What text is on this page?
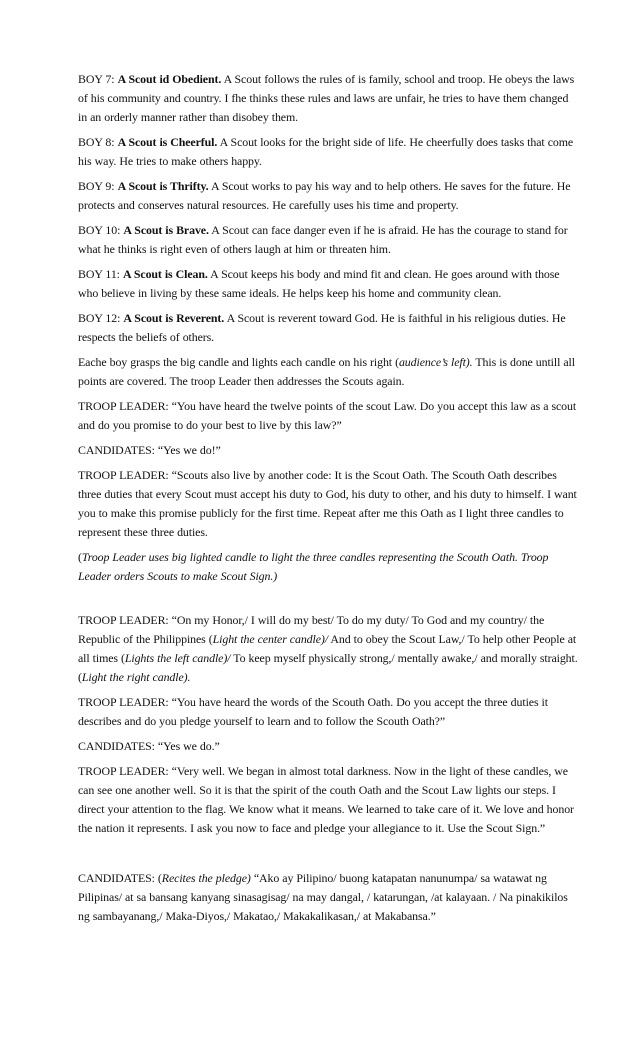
BOY 7: A Scout id Obedient. A Scout follows the rules of is family, school and troop. He obeys the laws of his community and country. I fhe thinks these rules and laws are unfair, he tries to have them changed in an orderly manner rather than disobey them.

BOY 8: A Scout is Cheerful. A Scout looks for the bright side of life. He cheerfully does tasks that come his way. He tries to make others happy.

BOY 9: A Scout is Thrifty. A Scout works to pay his way and to help others. He saves for the future. He protects and conserves natural resources. He carefully uses his time and property.

BOY 10: A Scout is Brave. A Scout can face danger even if he is afraid. He has the courage to stand for what he thinks is right even of others laugh at him or threaten him.

BOY 11: A Scout is Clean. A Scout keeps his body and mind fit and clean. He goes around with those who believe in living by these same ideals. He helps keep his home and community clean.

BOY 12: A Scout is Reverent. A Scout is reverent toward God. He is faithful in his religious duties. He respects the beliefs of others.

Eache boy grasps the big candle and lights each candle on his right (audience’s left). This is done untill all points are covered. The troop Leader then addresses the Scouts again.

TROOP LEADER: “You have heard the twelve points of the scout Law. Do you accept this law as a scout and do you promise to do your best to live by this law?”

CANDIDATES: “Yes we do!”

TROOP LEADER: “Scouts also live by another code: It is the Scout Oath. The Scouth Oath describes three duties that every Scout must accept his duty to God, his duty to other, and his duty to himself. I want you to make this promise publicly for the first time. Repeat after me this Oath as I light three candles to represent these three duties.

(Troop Leader uses big lighted candle to light the three candles representing the Scouth Oath. Troop Leader orders Scouts to make Scout Sign.)

TROOP LEADER: “On my Honor,/ I will do my best/ To do my duty/ To God and my country/ the Republic of the Philippines (Light the center candle)/ And to obey the Scout Law,/ To help other People at all times (Lights the left candle)/ To keep myself physically strong,/ mentally awake,/ and morally straight. (Light the right candle).

TROOP LEADER: “You have heard the words of the Scouth Oath. Do you accept the three duties it describes and do you pledge yourself to learn and to follow the Scouth Oath?”

CANDIDATES: “Yes we do.”

TROOP LEADER: “Very well. We began in almost total darkness. Now in the light of these candles, we can see one another well. So it is that the spirit of the couth Oath and the Scout Law lights our steps. I direct your attention to the flag. We know what it means. We learned to take care of it. We love and honor the nation it represents. I ask you now to face and pledge your allegiance to it. Use the Scout Sign.”

CANDIDATES: (Recites the pledge) “Ako ay Pilipino/ buong katapatan nanunumpa/ sa watawat ng Pilipinas/ at sa bansang kanyang sinasagisag/ na may dangal, / katarungan, /at kalayaan. / Na pinakikilos ng sambayanang,/ Maka-Diyos,/ Makatao,/ Makakalikasan,/ at Makabansa.”
